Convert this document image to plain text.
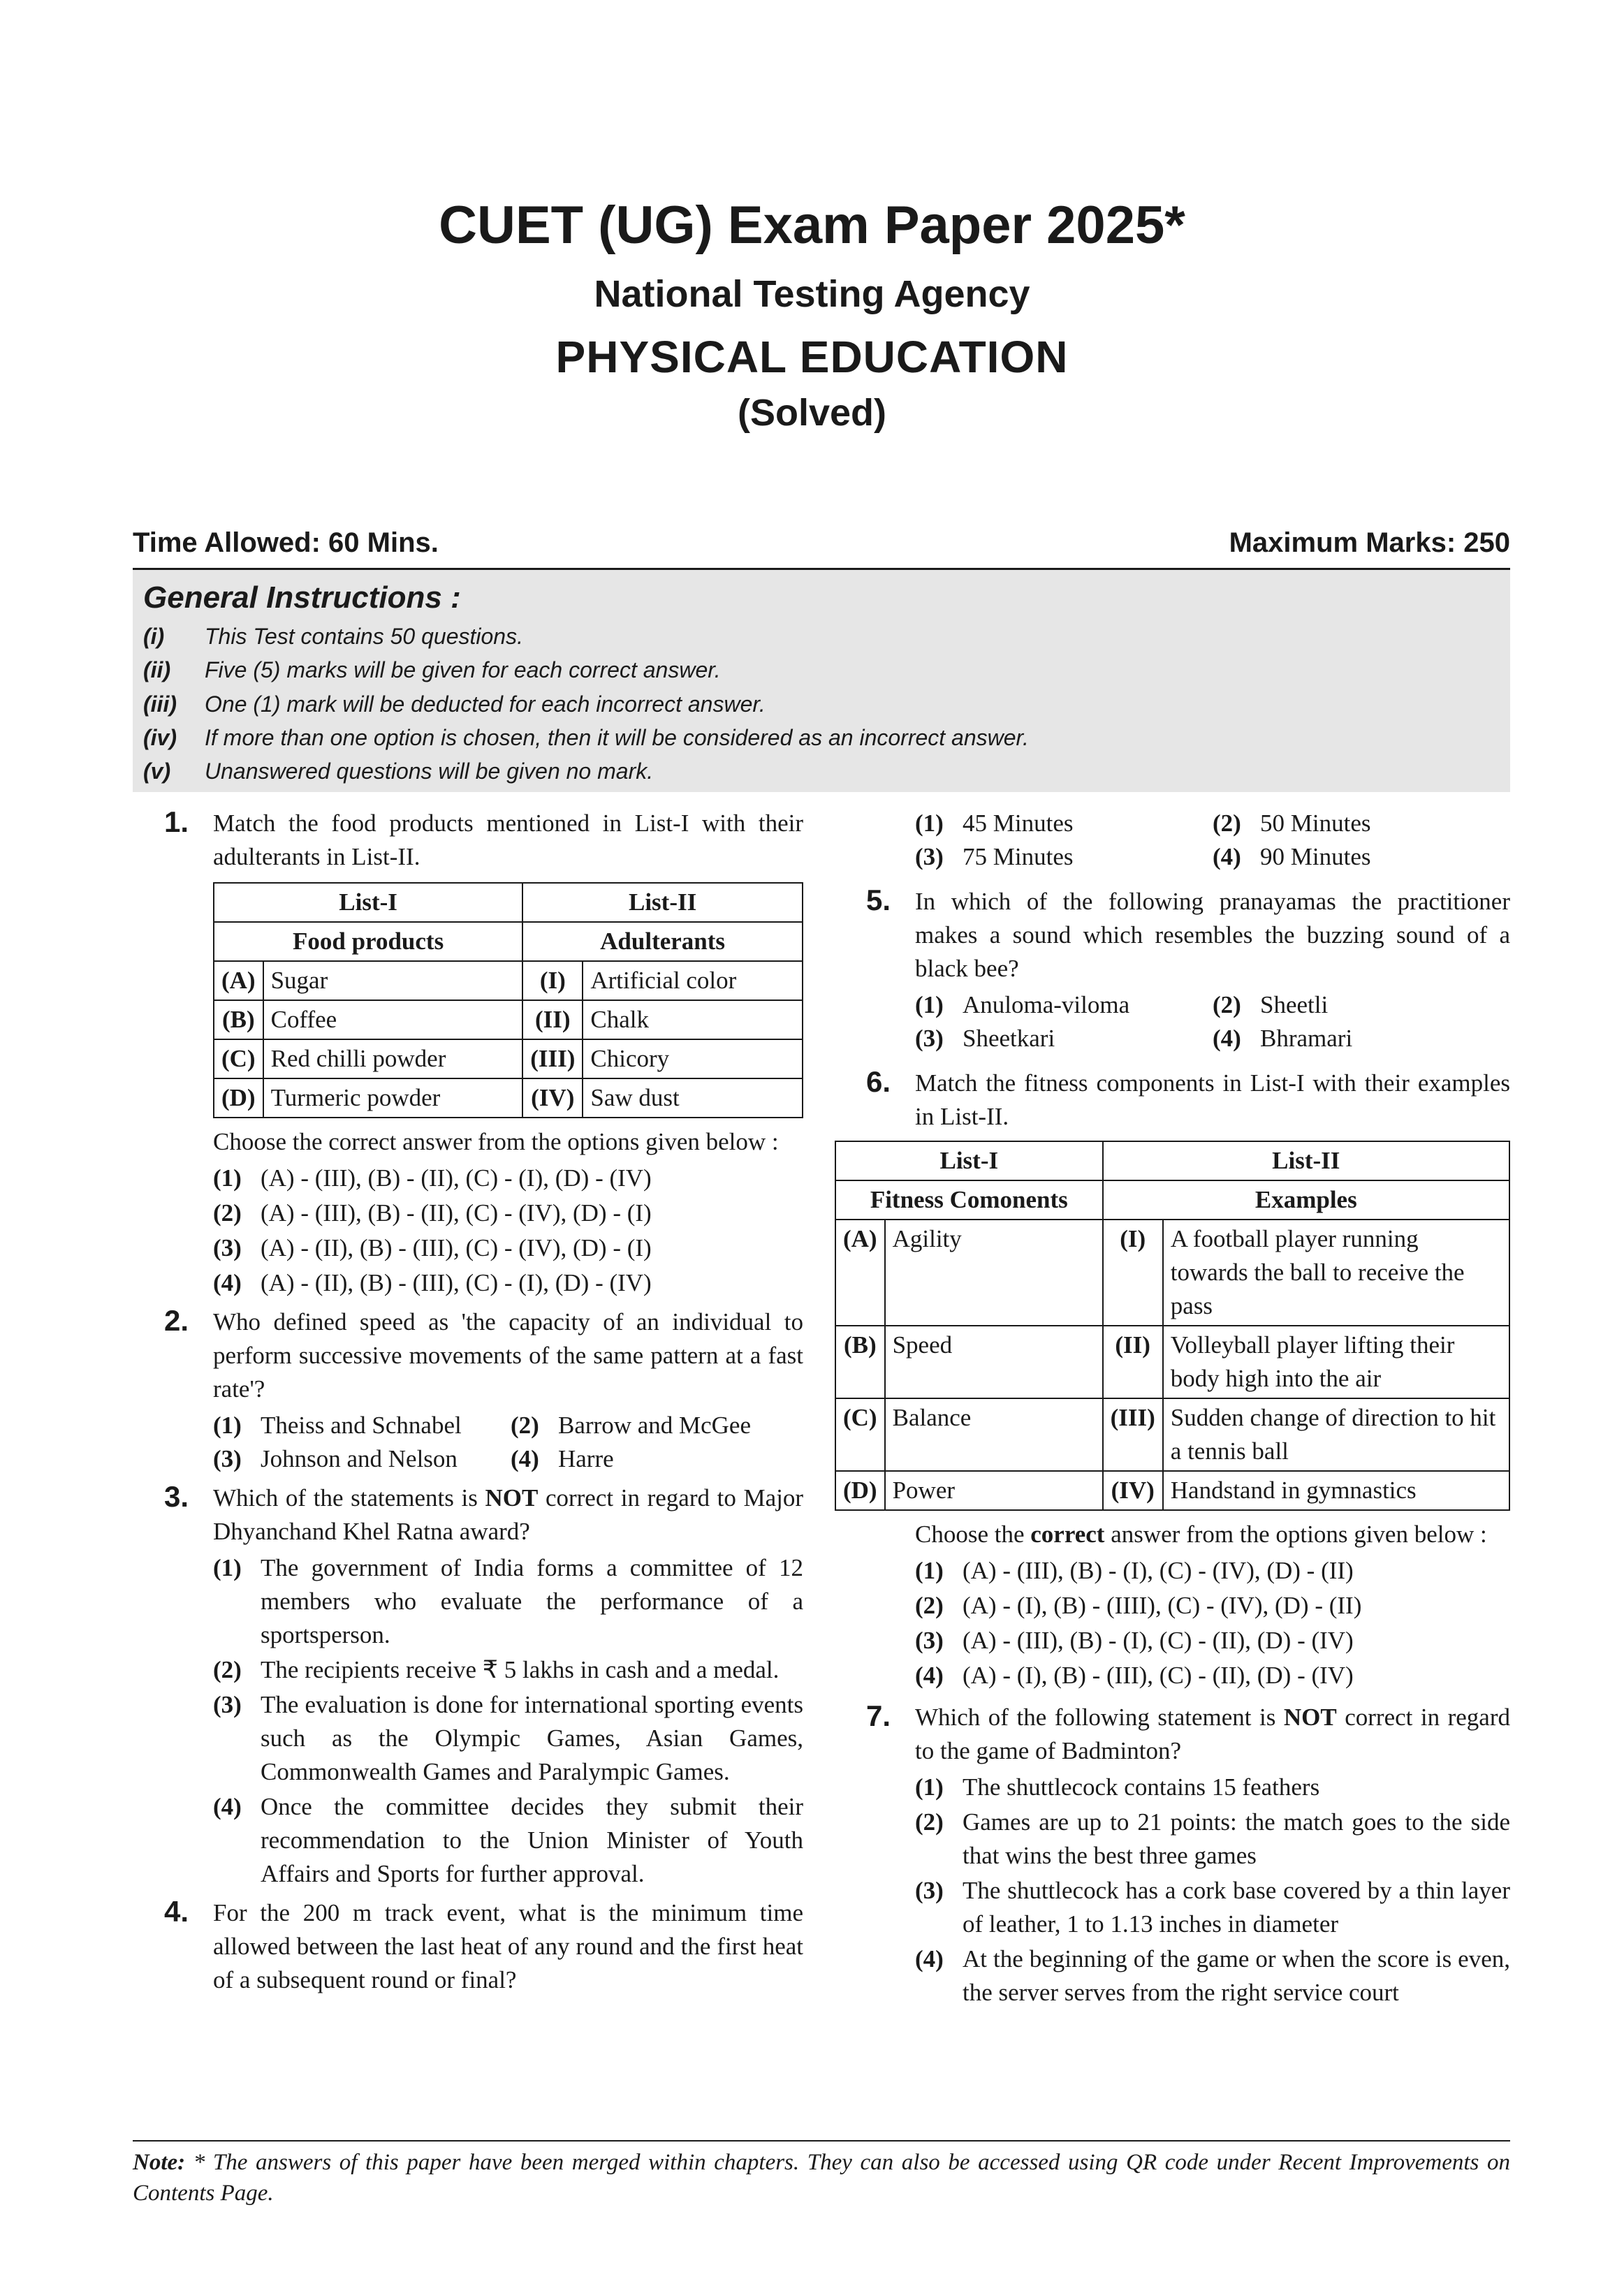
CUET (UG) Exam Paper 2025*
National Testing Agency
PHYSICAL EDUCATION
(Solved)
Time Allowed: 60 Mins.	Maximum Marks: 250
General Instructions :
(i) This Test contains 50 questions.
(ii) Five (5) marks will be given for each correct answer.
(iii) One (1) mark will be deducted for each incorrect answer.
(iv) If more than one option is chosen, then it will be considered as an incorrect answer.
(v) Unanswered questions will be given no mark.
1. Match the food products mentioned in List-I with their adulterants in List-II.
List-I		List-II	
Food products		Adulterants	
(A)	Sugar	(I)	Artificial color
(B)	Coffee	(II)	Chalk
(C)	Red chilli powder	(III)	Chicory
(D)	Turmeric powder	(IV)	Saw dust
Choose the correct answer from the options given below :
(1) (A) - (III), (B) - (II), (C) - (I), (D) - (IV)
(2) (A) - (III), (B) - (II), (C) - (IV), (D) - (I)
(3) (A) - (II), (B) - (III), (C) - (IV), (D) - (I)
(4) (A) - (II), (B) - (III), (C) - (I), (D) - (IV)
2. Who defined speed as 'the capacity of an individual to perform successive movements of the same pattern at a fast rate'?
(1) Theiss and Schnabel	(2) Barrow and McGee
(3) Johnson and Nelson	(4) Harre
3. Which of the statements is NOT correct in regard to Major Dhyanchand Khel Ratna award?
(1) The government of India forms a committee of 12 members who evaluate the performance of a sportsperson.
(2) The recipients receive ₹ 5 lakhs in cash and a medal.
(3) The evaluation is done for international sporting events such as the Olympic Games, Asian Games, Commonwealth Games and Paralympic Games.
(4) Once the committee decides they submit their recommendation to the Union Minister of Youth Affairs and Sports for further approval.
4. For the 200 m track event, what is the minimum time allowed between the last heat of any round and the first heat of a subsequent round or final?
(1) 45 Minutes	(2) 50 Minutes
(3) 75 Minutes	(4) 90 Minutes
5. In which of the following pranayamas the practitioner makes a sound which resembles the buzzing sound of a black bee?
(1) Anuloma-viloma	(2) Sheetli
(3) Sheetkari	(4) Bhramari
6. Match the fitness components in List-I with their examples in List-II.
List-I		List-II	
Fitness Comonents		Examples	
(A)	Agility	(I)	A football player running towards the ball to receive the pass
(B)	Speed	(II)	Volleyball player lifting their body high into the air
(C)	Balance	(III)	Sudden change of direction to hit a tennis ball
(D)	Power	(IV)	Handstand in gymnastics
Choose the correct answer from the options given below :
(1) (A) - (III), (B) - (I), (C) - (IV), (D) - (II)
(2) (A) - (I), (B) - (IIII), (C) - (IV), (D) - (II)
(3) (A) - (III), (B) - (I), (C) - (II), (D) - (IV)
(4) (A) - (I), (B) - (III), (C) - (II), (D) - (IV)
7. Which of the following statement is NOT correct in regard to the game of Badminton?
(1) The shuttlecock contains 15 feathers
(2) Games are up to 21 points: the match goes to the side that wins the best three games
(3) The shuttlecock has a cork base covered by a thin layer of leather, 1 to 1.13 inches in diameter
(4) At the beginning of the game or when the score is even, the server serves from the right service court
Note: * The answers of this paper have been merged within chapters. They can also be accessed using QR code under Recent Improvements on Contents Page.
